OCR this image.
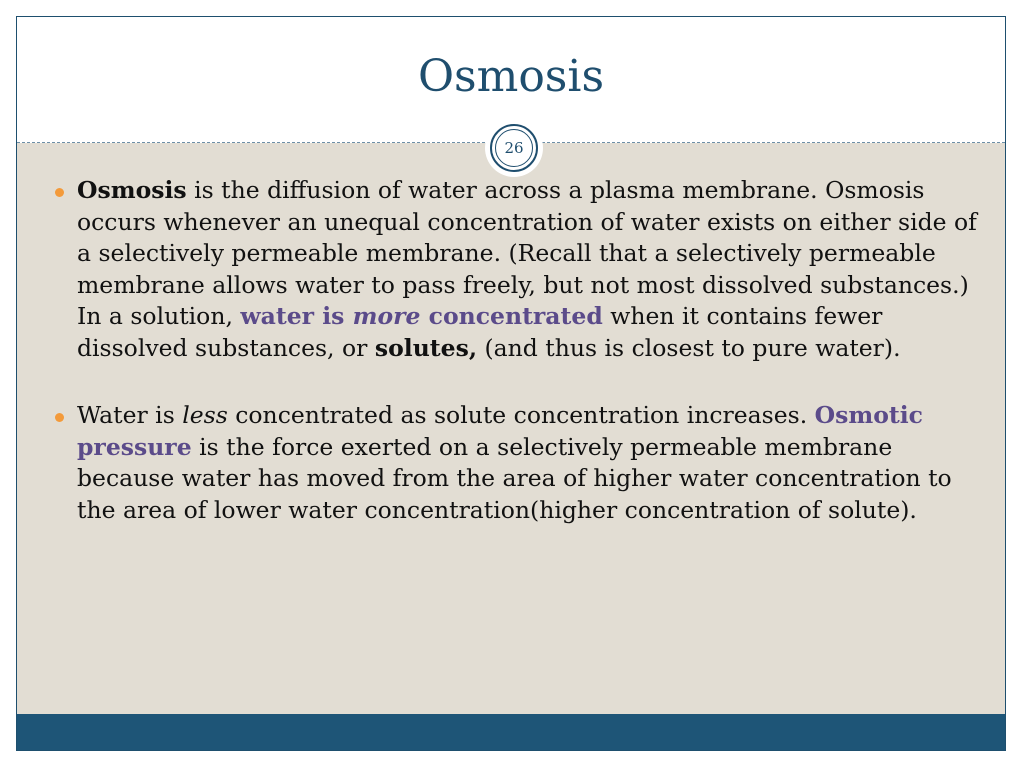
Osmosis
26
Osmosis is the diffusion of water across a plasma membrane. Osmosis occurs whenever an unequal concentration of water exists on either side of a selectively permeable membrane. (Recall that a selectively permeable membrane allows water to pass freely, but not most dissolved substances.) In a solution, water is more concentrated when it contains fewer dissolved substances, or solutes, (and thus is closest to pure water).
Water is less concentrated as solute concentration increases. Osmotic pressure is the force exerted on a selectively permeable membrane because water has moved from the area of higher water concentration to the area of lower water concentration(higher concentration of solute).
